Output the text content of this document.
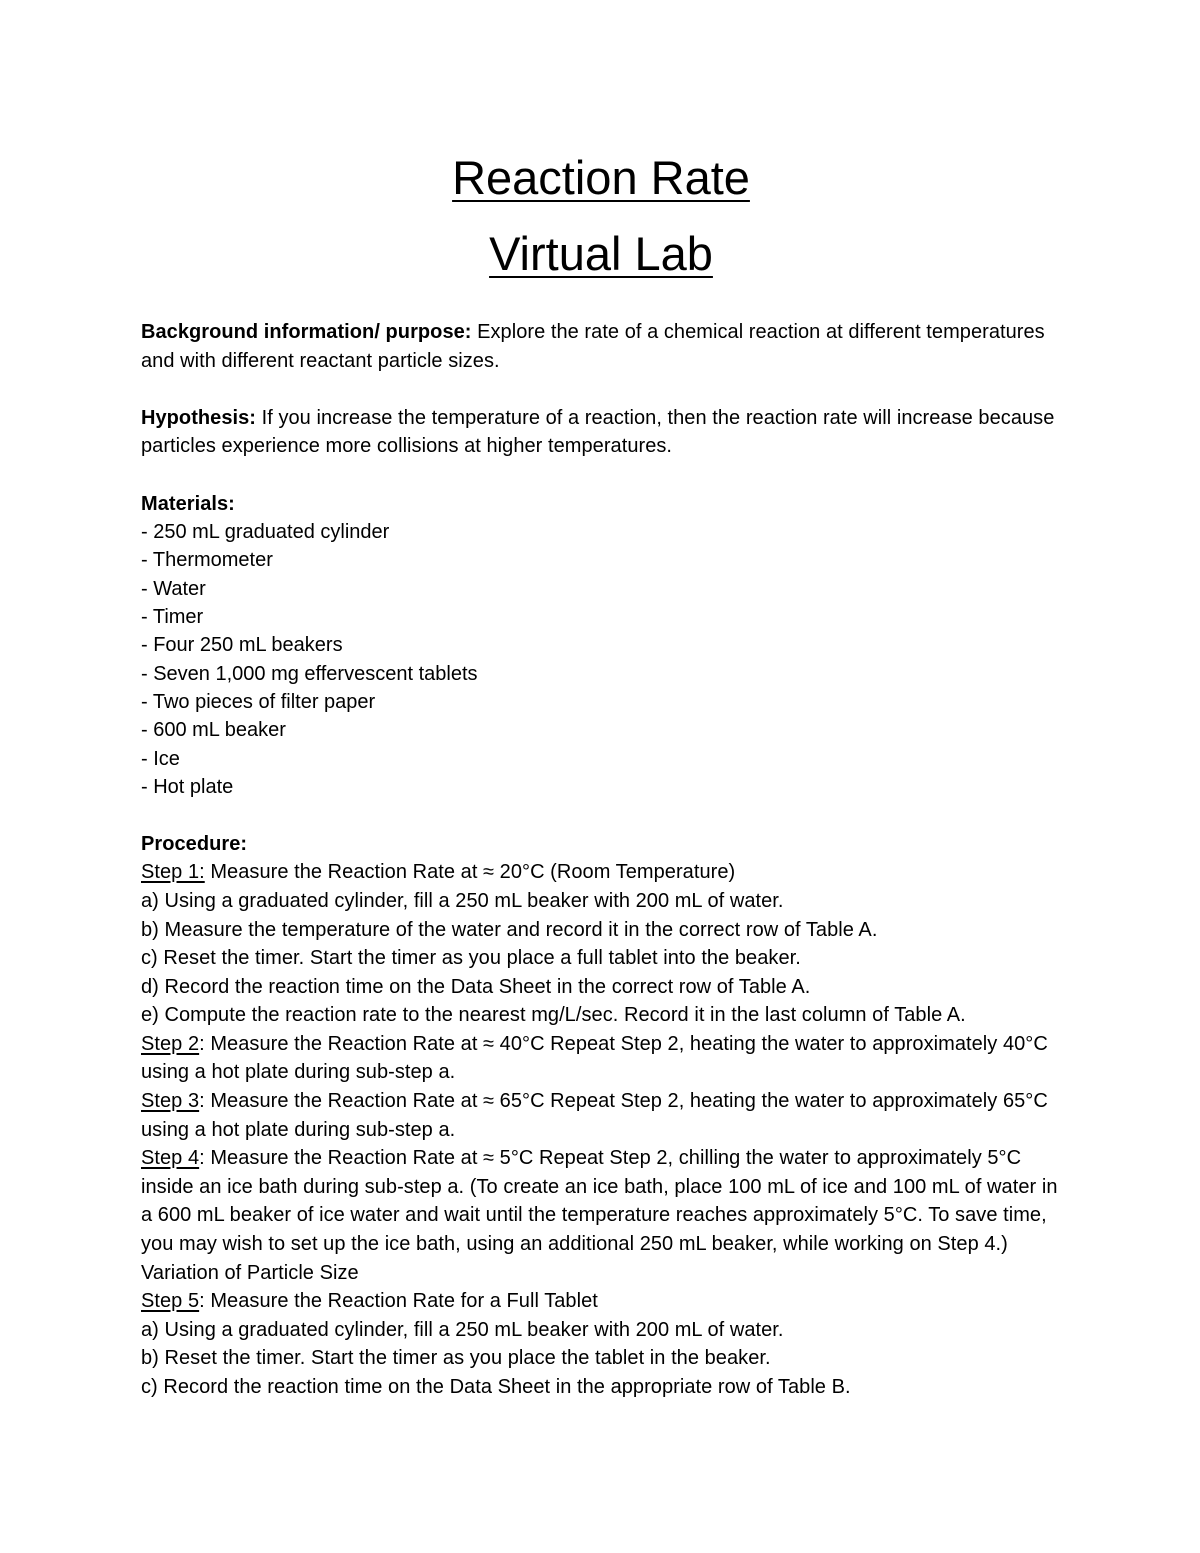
Reaction Rate
Virtual Lab

Background information/ purpose: Explore the rate of a chemical reaction at different temperatures and with different reactant particle sizes.

Hypothesis: If you increase the temperature of a reaction, then the reaction rate will increase because particles experience more collisions at higher temperatures.

Materials:

- 250 mL graduated cylinder
- Thermometer
- Water
- Timer
- Four 250 mL beakers
- Seven 1,000 mg effervescent tablets
- Two pieces of filter paper
- 600 mL beaker
- Ice
- Hot plate

Procedure:

Step 1: Measure the Reaction Rate at ≈ 20°C (Room Temperature)

a) Using a graduated cylinder, fill a 250 mL beaker with 200 mL of water.

b) Measure the temperature of the water and record it in the correct row of Table A.

c) Reset the timer. Start the timer as you place a full tablet into the beaker.

d) Record the reaction time on the Data Sheet in the correct row of Table A.

e) Compute the reaction rate to the nearest mg/L/sec. Record it in the last column of Table A.

Step 2: Measure the Reaction Rate at ≈ 40°C Repeat Step 2, heating the water to approximately 40°C using a hot plate during sub-step a.

Step 3: Measure the Reaction Rate at ≈ 65°C Repeat Step 2, heating the water to approximately 65°C using a hot plate during sub-step a.

Step 4: Measure the Reaction Rate at ≈ 5°C Repeat Step 2, chilling the water to approximately 5°C inside an ice bath during sub-step a. (To create an ice bath, place 100 mL of ice and 100 mL of water in a 600 mL beaker of ice water and wait until the temperature reaches approximately 5°C. To save time, you may wish to set up the ice bath, using an additional 250 mL beaker, while working on Step 4.) Variation of Particle Size

Step 5: Measure the Reaction Rate for a Full Tablet

a) Using a graduated cylinder, fill a 250 mL beaker with 200 mL of water.

b) Reset the timer. Start the timer as you place the tablet in the beaker.

c) Record the reaction time on the Data Sheet in the appropriate row of Table B.
